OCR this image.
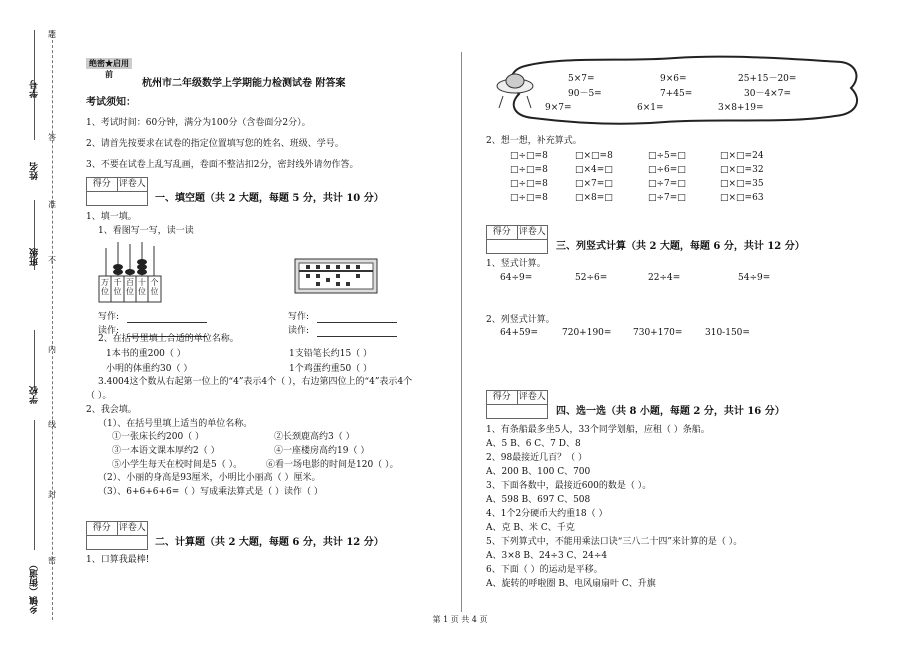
学号
姓名
班级
学校
乡镇（街道）
题
答
准
不
内
线
封
密
绝密★启用前
杭州市二年级数学上学期能力检测试卷 附答案
考试须知：
1、考试时间：60分钟，满分为100分（含卷面分2分）。
2、请首先按要求在试卷的指定位置填写您的姓名、班级、学号。
3、不要在试卷上乱写乱画，卷面不整洁扣2分，密封线外请勿作答。
得分 评卷人
一、填空题（共 2 大题，每题 5 分，共计 10 分）
1、填一填。
1、看图写一写，读一读
万位
千位
百位
十位
个位
写作:
读作:
写作:
读作:
2、在括号里填上合适的单位名称。
1本书的重200（ ）	1支铅笔长约15（ ）
小明的体重约30（ ）	1个鸡蛋约重50（ ）
3.4004这个数从右起第一位上的“4”表示4个（ ），右边第四位上的“4”表示4个
（ ）。
2、我会填。
（1）、在括号里填上适当的单位名称。
①一张床长约200（ ）	②长颈鹿高约3（ ）
③一本语文课本厚约2（ ）	④一座楼房高约19（ ）
⑤小学生每天在校时间是5（ ）。	⑥看一场电影的时间是120（ ）。
（2）、小丽的身高是93厘米，小明比小丽高（ ）厘米。
（3）、6+6+6+6=（ ）写成乘法算式是（ ）读作（ ）
得分 评卷人
二、计算题（共 2 大题，每题 6 分，共计 12 分）
1、口算我最棒!
5×7=	9×6=	25+15－20=
90－5=	7+45=	30－4×7=
9×7=	6×1=	3×8+19=
2、想一想，补充算式。
□÷□=8	□×□=8	□÷5=□	□×□=24
□÷□=8	□×4=□	□÷6=□	□×□=32
□÷□=8	□×7=□	□÷7=□	□×□=35
□÷□=8	□×8=□	□÷7=□	□×□=63
得分 评卷人
三、列竖式计算（共 2 大题，每题 6 分，共计 12 分）
1、竖式计算。
64÷9=	52÷6=	22÷4=	54÷9=
2、列竖式计算。
64+59=	720+190= 730+170=	310-150=
得分 评卷人
四、选一选（共 8 小题，每题 2 分，共计 16 分）
1、有条船最多坐5人，33个同学划船，应租（ ）条船。
A、5 B、6 C、7 D、8
2、98最接近几百？（ ）
A、200 B、100 C、700
3、下面各数中，最接近600的数是（ ）。
A、598 B、697 C、508
4、1个2分硬币大约重18（ ）
A、克 B、米 C、千克
5、下列算式中，不能用乘法口诀“三八二十四”来计算的是（ ）。
A、3×8 B、24÷3 C、24÷4
6、下面（ ）的运动是平移。
A、旋转的呼啦圈 B、电风扇扇叶 C、升旗
第 1 页 共 4 页
